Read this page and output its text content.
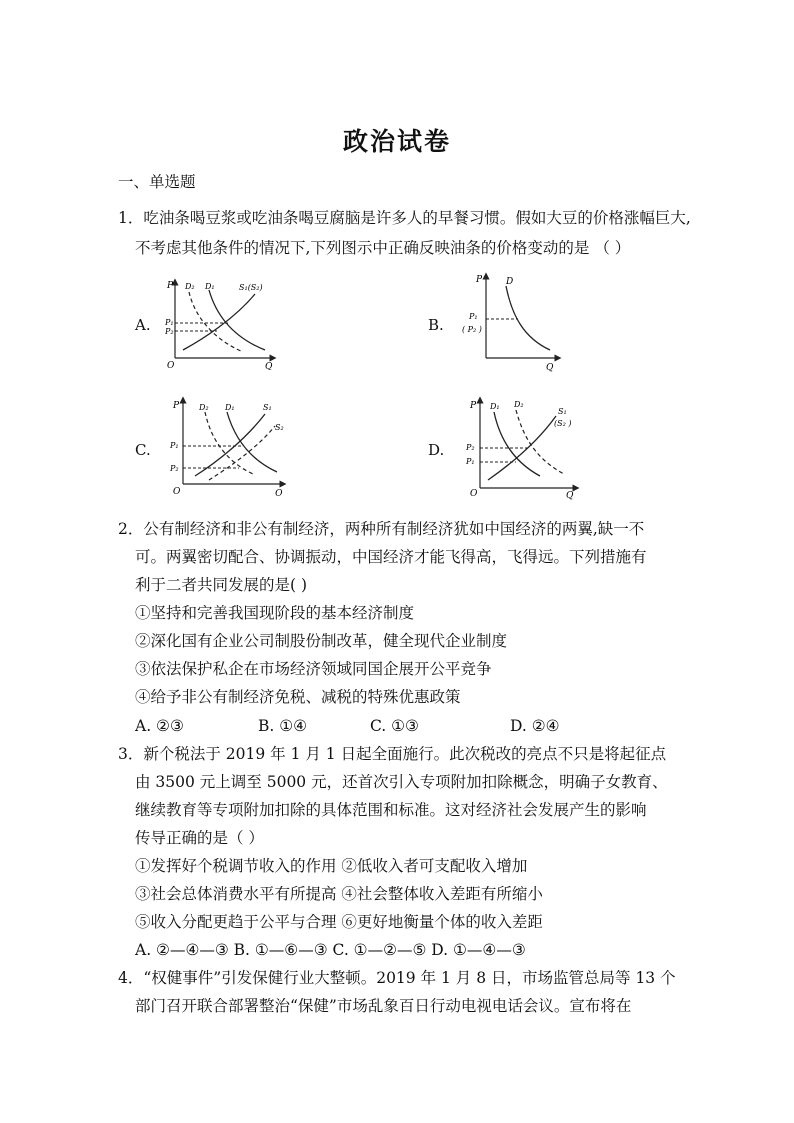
政治试卷
一、单选题
1．吃油条喝豆浆或吃油条喝豆腐脑是许多人的早餐习惯。假如大豆的价格涨幅巨大,
不考虑其他条件的情况下,下列图示中正确反映油条的价格变动的是 （ ）
A.	B.
C.	D.
P
Q
O
D₂ D₁	S₁(S₂)
P₁
P₂
P
Q
D
P₁
( P₂ )
P
Q
O
D₂ D₁	S₁
S₂
P₁
P₂
P
Q
O
D₁ D₂
S₁
(S₂ )
P₂
P₁
2．公有制经济和非公有制经济，两种所有制经济犹如中国经济的两翼,缺一不
可。两翼密切配合、协调振动，中国经济才能飞得高，飞得远。下列措施有
利于二者共同发展的是( )
①坚持和完善我国现阶段的基本经济制度
②深化国有企业公司制股份制改革，健全现代企业制度
③依法保护私企在市场经济领域同国企展开公平竞争
④给予非公有制经济免税、减税的特殊优惠政策
A. ②③	B. ①④	C. ①③	D. ②④
3．新个税法于 2019 年 1 月 1 日起全面施行。此次税改的亮点不只是将起征点
由 3500 元上调至 5000 元，还首次引入专项附加扣除概念，明确子女教育、
继续教育等专项附加扣除的具体范围和标准。这对经济社会发展产生的影响
传导正确的是（ ）
①发挥好个税调节收入的作用 ②低收入者可支配收入增加
③社会总体消费水平有所提高 ④社会整体收入差距有所缩小
⑤收入分配更趋于公平与合理 ⑥更好地衡量个体的收入差距
A. ②—④—③ B. ①—⑥—③ C. ①—②—⑤ D. ①—④—③
4．“权健事件”引发保健行业大整顿。2019 年 1 月 8 日，市场监管总局等 13 个
部门召开联合部署整治“保健”市场乱象百日行动电视电话会议。宣布将在
